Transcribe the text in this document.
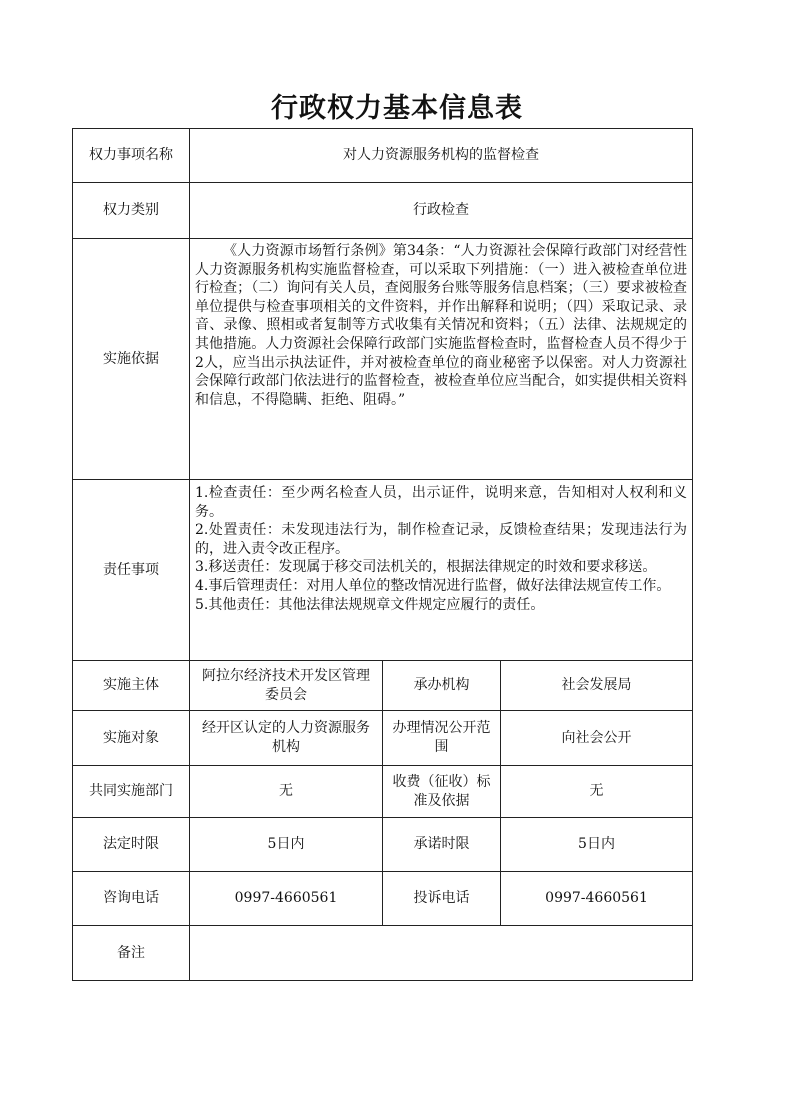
行政权力基本信息表
权力事项名称	对人力资源服务机构的监督检查		
权力类别	行政检查		
实施依据	《人力资源市场暂行条例》第34条：“人力资源社会保障行政部门对经营性人力资源服务机构实施监督检查，可以采取下列措施：（一）进入被检查单位进行检查；（二）询问有关人员，查阅服务台账等服务信息档案；（三）要求被检查单位提供与检查事项相关的文件资料，并作出解释和说明；（四）采取记录、录音、录像、照相或者复制等方式收集有关情况和资料；（五）法律、法规规定的其他措施。人力资源社会保障行政部门实施监督检查时，监督检查人员不得少于2人，应当出示执法证件，并对被检查单位的商业秘密予以保密。对人力资源社会保障行政部门依法进行的监督检查，被检查单位应当配合，如实提供相关资料和信息，不得隐瞒、拒绝、阻碍。”		

责任事项	1.检查责任：至少两名检查人员，出示证件，说明来意，告知相对人权利和义务。
2.处置责任：未发现违法行为，制作检查记录，反馈检查结果；发现违法行为的，进入责令改正程序。
3.移送责任：发现属于移交司法机关的，根据法律规定的时效和要求移送。
4.事后管理责任：对用人单位的整改情况进行监督，做好法律法规宣传工作。
5.其他责任：其他法律法规规章文件规定应履行的责任。		

实施主体	阿拉尔经济技术开发区管理委员会	承办机构	社会发展局
实施对象	经开区认定的人力资源服务机构	办理情况公开范围	向社会公开
共同实施部门	无	收费（征收）标准及依据	无
法定时限	5日内	承诺时限	5日内
咨询电话	0997-4660561	投诉电话	0997-4660561
备注			
